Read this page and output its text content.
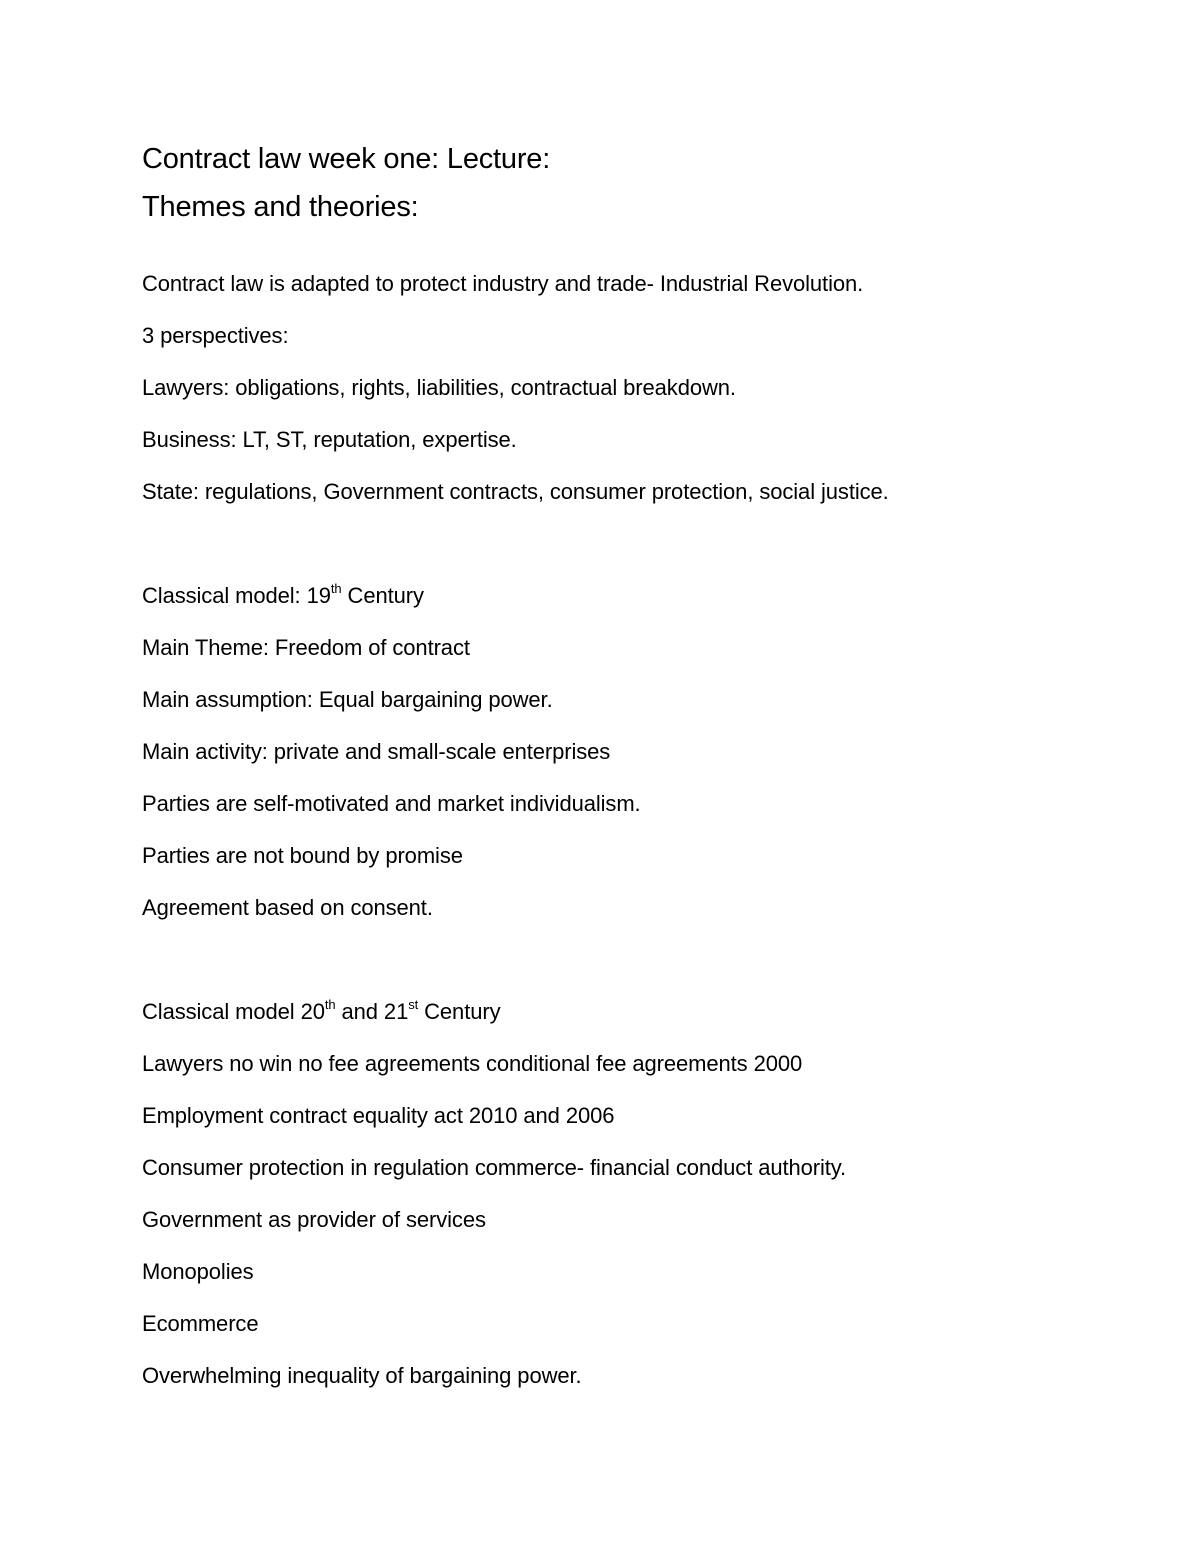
Contract law week one: Lecture:
Themes and theories:

Contract law is adapted to protect industry and trade- Industrial Revolution.

3 perspectives:

Lawyers: obligations, rights, liabilities, contractual breakdown.

Business: LT, ST, reputation, expertise.

State: regulations, Government contracts, consumer protection, social justice.

Classical model: 19th Century

Main Theme: Freedom of contract

Main assumption: Equal bargaining power.

Main activity: private and small-scale enterprises

Parties are self-motivated and market individualism.

Parties are not bound by promise

Agreement based on consent.

Classical model 20th and 21st Century

Lawyers no win no fee agreements conditional fee agreements 2000

Employment contract equality act 2010 and 2006

Consumer protection in regulation commerce- financial conduct authority.

Government as provider of services

Monopolies

Ecommerce

Overwhelming inequality of bargaining power.
